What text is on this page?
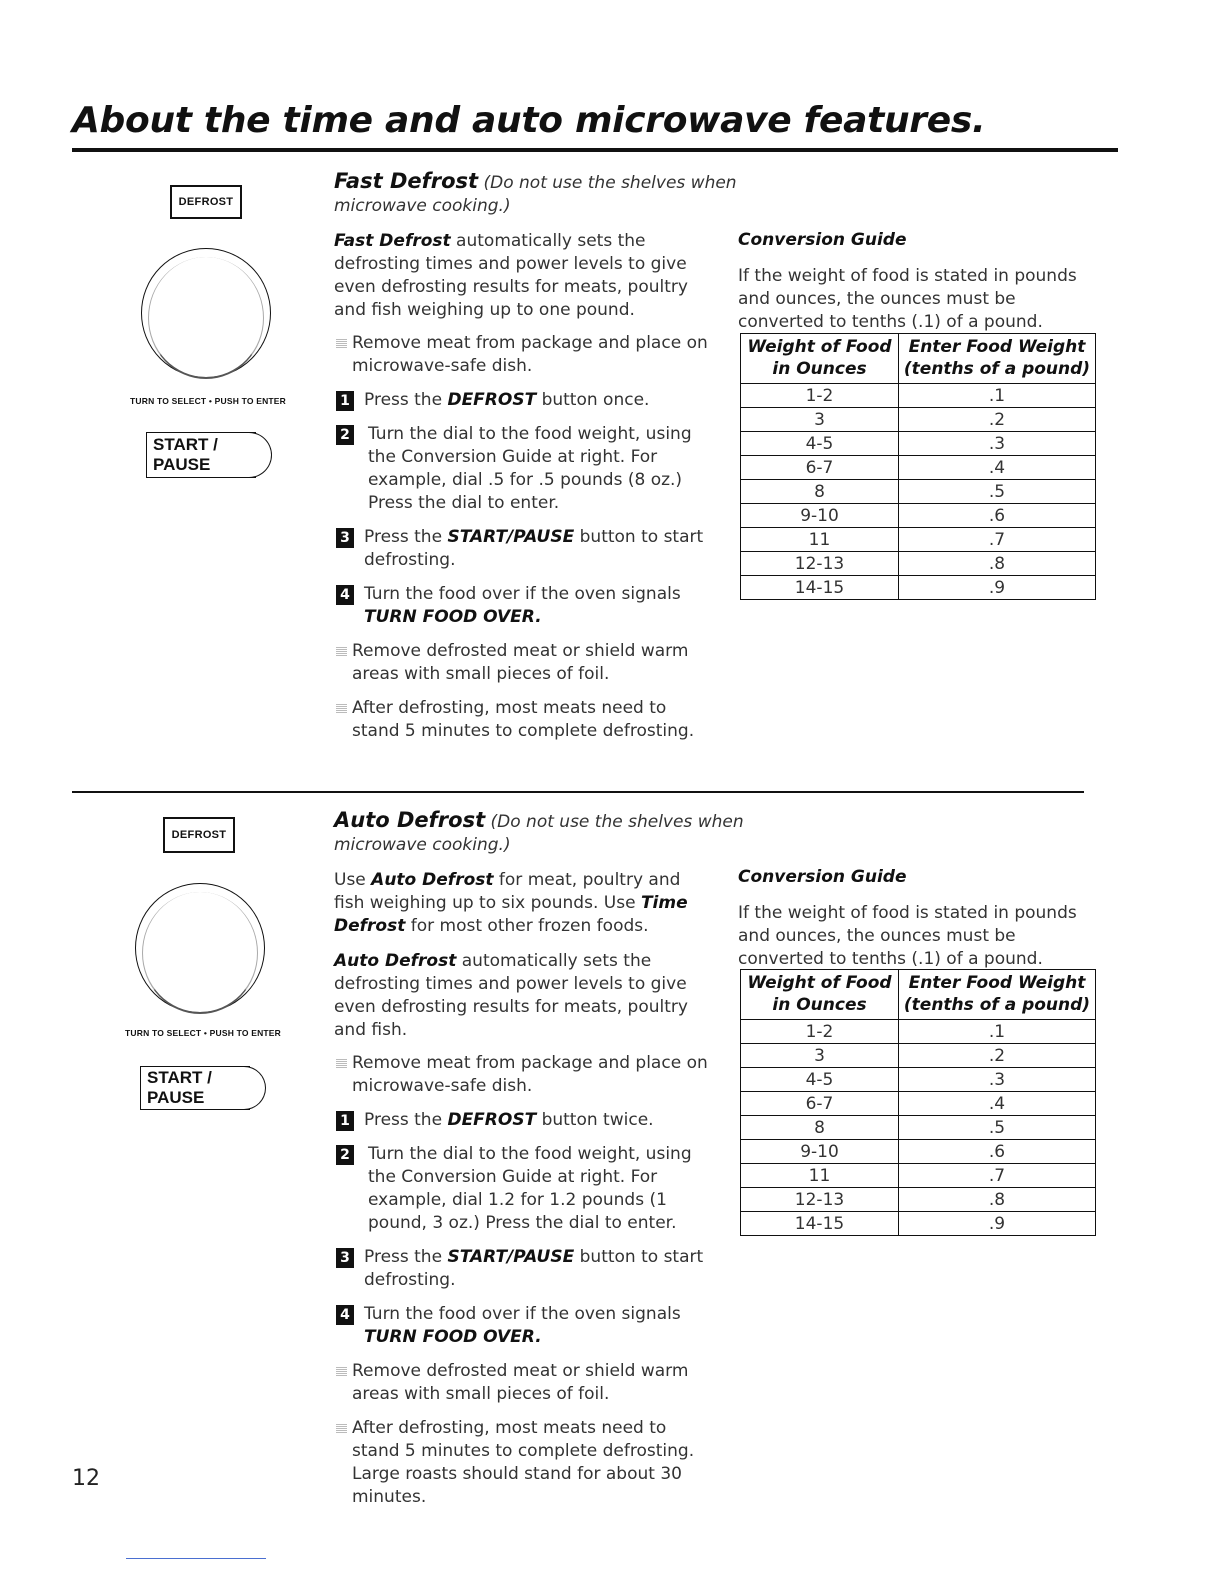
About the time and auto microwave features.
DEFROST
TURN TO SELECT • PUSH TO ENTER
START / PAUSE

Fast Defrost (Do not use the shelves when

microwave cooking.)

Fast Defrost automatically sets the defrosting times and power levels to give even defrosting results for meats, poultry and fish weighing up to one pound.

Remove meat from package and place on microwave-safe dish.

1 Press the DEFROST button once.

2 Turn the dial to the food weight, using the Conversion Guide at right. For example, dial .5 for .5 pounds (8 oz.) Press the dial to enter.

3 Press the START/PAUSE button to start defrosting.

4 Turn the food over if the oven signals TURN FOOD OVER.

Remove defrosted meat or shield warm areas with small pieces of foil.

After defrosting, most meats need to stand 5 minutes to complete defrosting.

Conversion Guide
If the weight of food is stated in pounds and ounces, the ounces must be converted to tenths (.1) of a pound.
Weight of Food
in Ounces	Enter Food Weight
(tenths of a pound)
1-2	.1
3	.2
4-5	.3
6-7	.4
8	.5
9-10	.6
11	.7
12-13	.8
14-15	.9
DEFROST
TURN TO SELECT • PUSH TO ENTER
START / PAUSE

Auto Defrost (Do not use the shelves when

microwave cooking.)

Use Auto Defrost for meat, poultry and fish weighing up to six pounds. Use Time Defrost for most other frozen foods.

Auto Defrost automatically sets the defrosting times and power levels to give even defrosting results for meats, poultry and fish.

Remove meat from package and place on microwave-safe dish.

1 Press the DEFROST button twice.

2 Turn the dial to the food weight, using the Conversion Guide at right. For example, dial 1.2 for 1.2 pounds (1 pound, 3 oz.) Press the dial to enter.

3 Press the START/PAUSE button to start defrosting.

4 Turn the food over if the oven signals TURN FOOD OVER.

Remove defrosted meat or shield warm areas with small pieces of foil.

After defrosting, most meats need to stand 5 minutes to complete defrosting. Large roasts should stand for about 30 minutes.

Conversion Guide
If the weight of food is stated in pounds and ounces, the ounces must be converted to tenths (.1) of a pound.
Weight of Food
in Ounces	Enter Food Weight
(tenths of a pound)
1-2	.1
3	.2
4-5	.3
6-7	.4
8	.5
9-10	.6
11	.7
12-13	.8
14-15	.9
12
